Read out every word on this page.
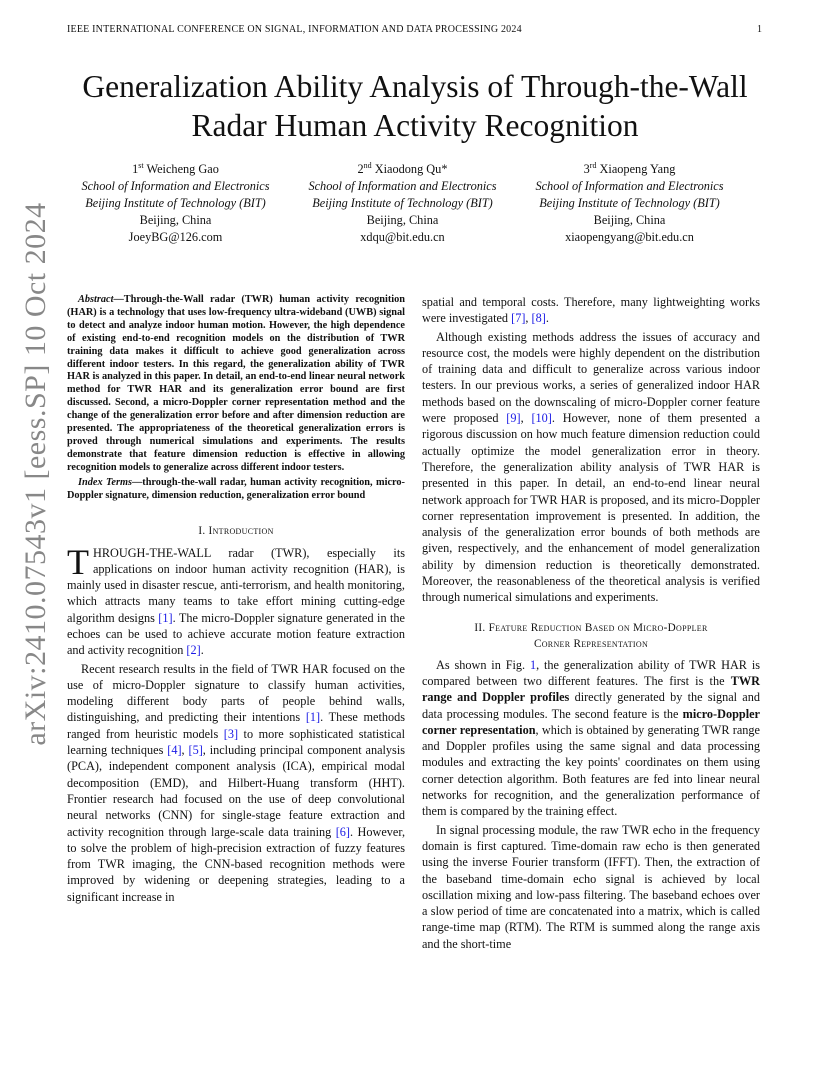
IEEE INTERNATIONAL CONFERENCE ON SIGNAL, INFORMATION AND DATA PROCESSING 2024	1
arXiv:2410.07543v1 [eess.SP] 10 Oct 2024
Generalization Ability Analysis of Through-the-Wall
Radar Human Activity Recognition
1st Weicheng Gao
School of Information and Electronics
Beijing Institute of Technology (BIT)
Beijing, China
JoeyBG@126.com
2nd Xiaodong Qu*
School of Information and Electronics
Beijing Institute of Technology (BIT)
Beijing, China
xdqu@bit.edu.cn
3rd Xiaopeng Yang
School of Information and Electronics
Beijing Institute of Technology (BIT)
Beijing, China
xiaopengyang@bit.edu.cn

Abstract—Through-the-Wall radar (TWR) human activity recognition (HAR) is a technology that uses low-frequency ultra-wideband (UWB) signal to detect and analyze indoor human motion. However, the high dependence of existing end-to-end recognition models on the distribution of TWR training data makes it difficult to achieve good generalization across different indoor testers. In this regard, the generalization ability of TWR HAR is analyzed in this paper. In detail, an end-to-end linear neural network method for TWR HAR and its generalization error bound are first discussed. Second, a micro-Doppler corner representation method and the change of the generalization error before and after dimension reduction are presented. The appropriateness of the theoretical generalization errors is proved through numerical simulations and experiments. The results demonstrate that feature dimension reduction is effective in allowing recognition models to generalize across different indoor testers.

Index Terms—through-the-wall radar, human activity recognition, micro-Doppler signature, dimension reduction, generalization error bound

I. Introduction

THROUGH-THE-WALL radar (TWR), especially its applications on indoor human activity recognition (HAR), is mainly used in disaster rescue, anti-terrorism, and health monitoring, which attracts many teams to take effort mining cutting-edge algorithm designs [1]. The micro-Doppler signature generated in the echoes can be used to achieve accurate motion feature extraction and activity recognition [2].

Recent research results in the field of TWR HAR focused on the use of micro-Doppler signature to classify human activities, modeling different body parts of people behind walls, distinguishing, and predicting their intentions [1]. These methods ranged from heuristic models [3] to more sophisticated statistical learning techniques [4], [5], including principal component analysis (PCA), independent component analysis (ICA), empirical modal decomposition (EMD), and Hilbert-Huang transform (HHT). Frontier research had focused on the use of deep convolutional neural networks (CNN) for single-stage feature extraction and activity recognition through large-scale data training [6]. However, to solve the problem of high-precision extraction of fuzzy features from TWR imaging, the CNN-based recognition methods were improved by widening or deepening strategies, leading to a significant increase in

spatial and temporal costs. Therefore, many lightweighting works were investigated [7], [8].

Although existing methods address the issues of accuracy and resource cost, the models were highly dependent on the distribution of training data and difficult to generalize across various indoor testers. In our previous works, a series of generalized indoor HAR methods based on the downscaling of micro-Doppler corner feature were proposed [9], [10]. However, none of them presented a rigorous discussion on how much feature dimension reduction could actually optimize the model generalization error in theory. Therefore, the generalization ability analysis of TWR HAR is presented in this paper. In detail, an end-to-end linear neural network approach for TWR HAR is proposed, and its micro-Doppler corner representation improvement is presented. In addition, the analysis of the generalization error bounds of both methods are given, respectively, and the enhancement of model generalization ability by dimension reduction is theoretically demonstrated. Moreover, the reasonableness of the theoretical analysis is verified through numerical simulations and experiments.

II. Feature Reduction Based on Micro-Doppler
Corner Representation

As shown in Fig. 1, the generalization ability of TWR HAR is compared between two different features. The first is the TWR range and Doppler profiles directly generated by the signal and data processing modules. The second feature is the micro-Doppler corner representation, which is obtained by generating TWR range and Doppler profiles using the same signal and data processing modules and extracting the key points' coordinates on them using corner detection algorithm. Both features are fed into linear neural networks for recognition, and the generalization performance of them is compared by the training effect.

In signal processing module, the raw TWR echo in the frequency domain is first captured. Time-domain raw echo is then generated using the inverse Fourier transform (IFFT). Then, the extraction of the baseband time-domain echo signal is achieved by local oscillation mixing and low-pass filtering. The baseband echoes over a slow period of time are concatenated into a matrix, which is called range-time map (RTM). The RTM is summed along the range axis and the short-time
